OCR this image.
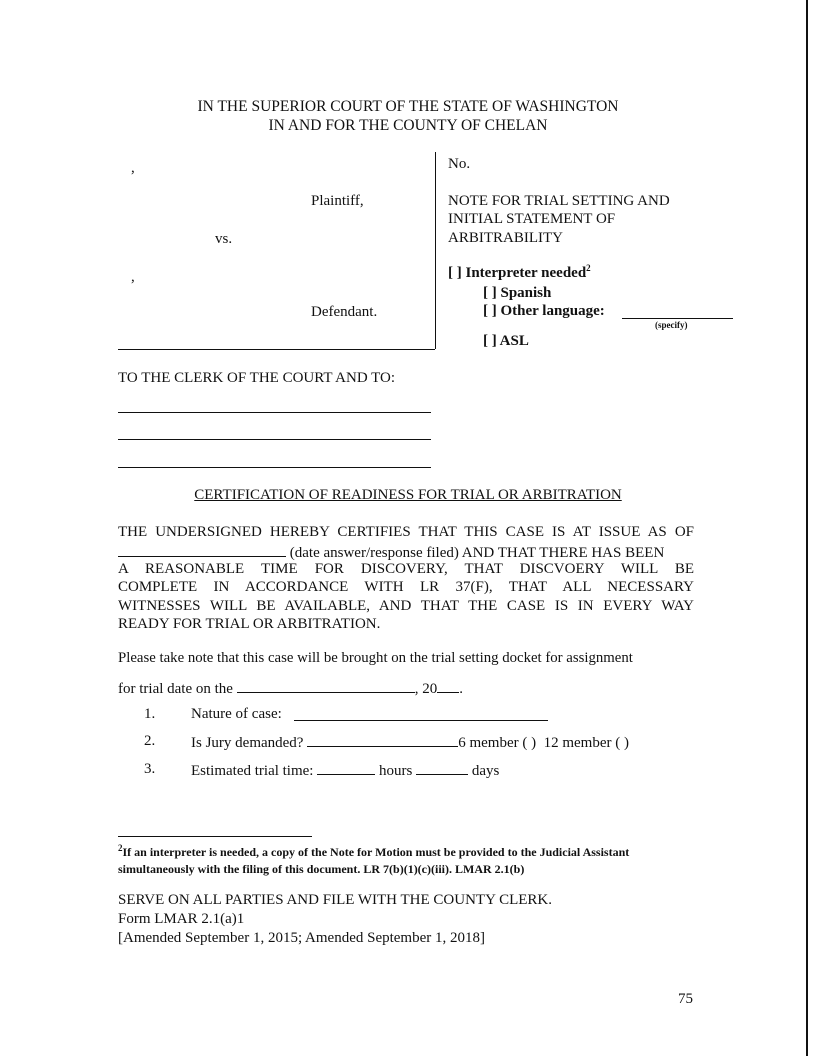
IN THE SUPERIOR COURT OF THE STATE OF WASHINGTON
IN AND FOR THE COUNTY OF CHELAN
,
Plaintiff,
vs.
,
Defendant.
No.
NOTE FOR TRIAL SETTING AND
INITIAL STATEMENT OF
ARBITRABILITY
[ ] Interpreter needed$^2$
[ ] Spanish
[ ] Other language:
(specify)
[ ] ASL
TO THE CLERK OF THE COURT AND TO:
CERTIFICATION OF READINESS FOR TRIAL OR ARBITRATION
THE UNDERSIGNED HEREBY CERTIFIES THAT THIS CASE IS AT ISSUE AS OF
(date answer/response filed) AND THAT THERE HAS BEEN
A REASONABLE TIME FOR DISCOVERY, THAT DISCVOERY WILL BE
COMPLETE IN ACCORDANCE WITH LR 37(F), THAT ALL NECESSARY
WITNESSES WILL BE AVAILABLE, AND THAT THE CASE IS IN EVERY WAY
READY FOR TRIAL OR ARBITRATION.
Please take note that this case will be brought on the trial setting docket for assignment
for trial date on the	, 20 .
1. Nature of case:
2. Is Jury demanded?	6 member ( ) 12 member ( )
3. Estimated trial time:	hours	days
$^2$If an interpreter is needed, a copy of the Note for Motion must be provided to the Judicial Assistant
simultaneously with the filing of this document. LR 7(b)(1)(c)(iii). LMAR 2.1(b)
SERVE ON ALL PARTIES AND FILE WITH THE COUNTY CLERK.
Form LMAR 2.1(a)1
[Amended September 1, 2015; Amended September 1, 2018]
75
